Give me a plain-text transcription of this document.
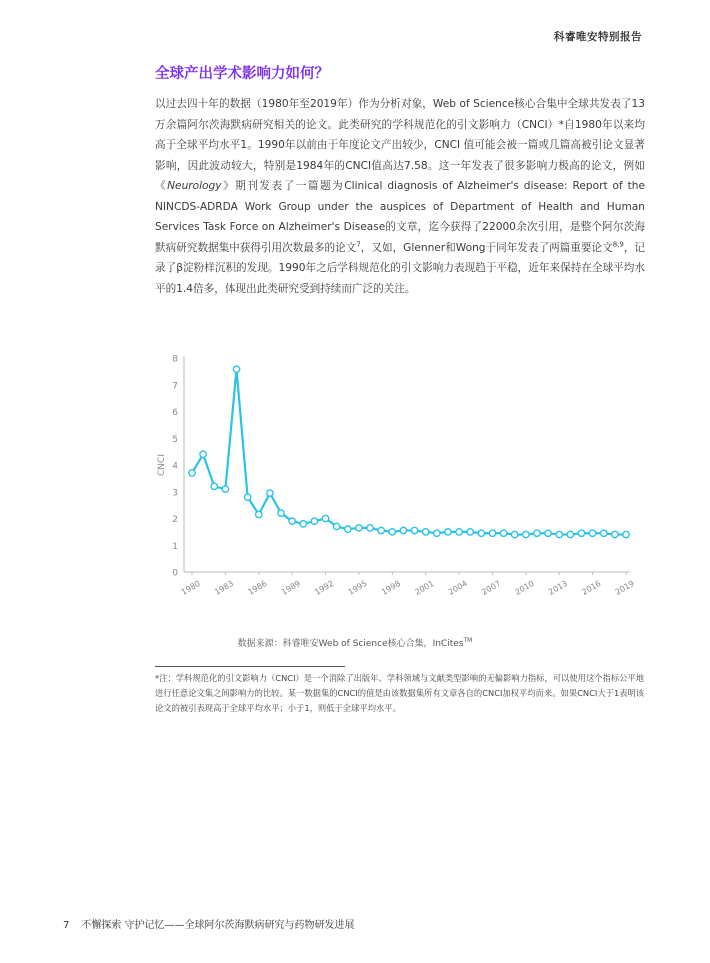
科睿唯安特别报告
全球产出学术影响力如何？
以过去四十年的数据（1980年至2019年）作为分析对象，Web of Science核心合集中全球共发表了13万余篇阿尔茨海默病研究相关的论文。此类研究的学科规范化的引文影响力（CNCI）*自1980年以来均高于全球平均水平1。1990年以前由于年度论文产出较少，CNCI 值可能会被一篇或几篇高被引论文显著影响，因此波动较大，特别是1984年的CNCI值高达7.58。这一年发表了很多影响力极高的论文，例如《Neurology》期刊发表了一篇题为Clinical diagnosis of Alzheimer's disease: Report of the NINCDS-ADRDA Work Group under the auspices of Department of Health and Human Services Task Force on Alzheimer's Disease的文章，迄今获得了22000余次引用，是整个阿尔茨海默病研究数据集中获得引用次数最多的论文$^7$，又如，Glenner和Wong于同年发表了两篇重要论文$^{8,9}$，记录了β淀粉样沉积的发现。1990年之后学科规范化的引文影响力表现趋于平稳，近年来保持在全球平均水平的1.4倍多，体现出此类研究受到持续而广泛的关注。
0
1
2
3
4
5
6
7
8
CNCI
1980 1983 1986 1989 1992 1995 1998 2001 2004 2007 2010 2013 2016 2019
数据来源：科睿唯安Web of Science核心合集，InCites™
*注：学科规范化的引文影响力（CNCI）是一个消除了出版年、学科领域与文献类型影响的无偏影响力指标，可以使用这个指标公平地进行任意论文集之间影响力的比较。某一数据集的CNCI的值是由该数据集所有文章各自的CNCI加权平均而来。如果CNCI大于1表明该论文的被引表现高于全球平均水平；小于1，则低于全球平均水平。
7 不懈探索 守护记忆——全球阿尔茨海默病研究与药物研发进展
